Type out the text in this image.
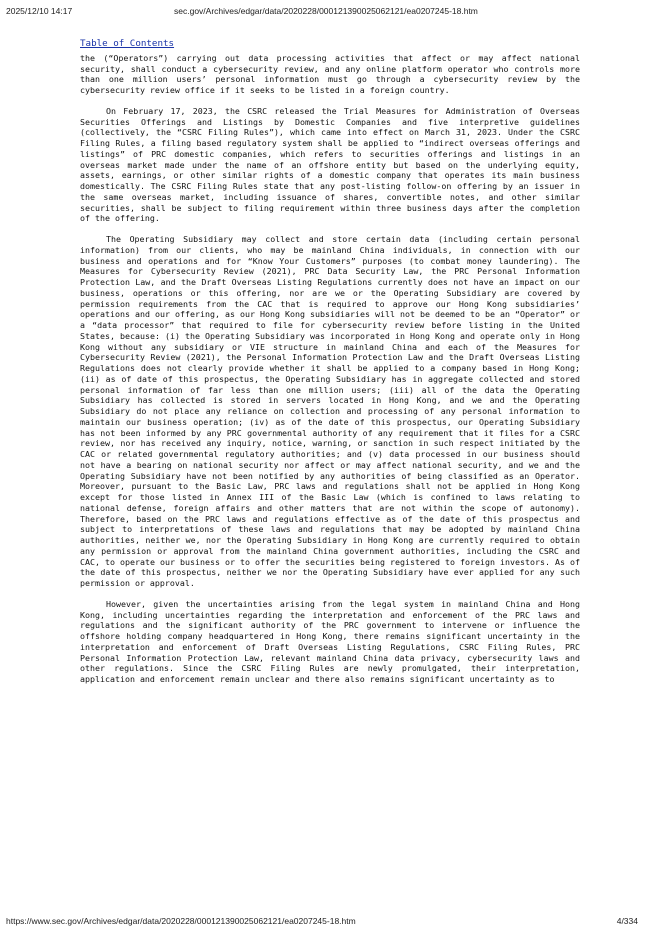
2025/12/10 14:17	sec.gov/Archives/edgar/data/2020228/000121390025062121/ea0207245-18.htm
Table of Contents

the (“Operators”) carrying out data processing activities that affect or may affect national security, shall conduct a cybersecurity review, and any online platform operator who controls more than one million users’ personal information must go through a cybersecurity review by the cybersecurity review office if it seeks to be listed in a foreign country.

On February 17, 2023, the CSRC released the Trial Measures for Administration of Overseas Securities Offerings and Listings by Domestic Companies and five interpretive guidelines (collectively, the “CSRC Filing Rules”), which came into effect on March 31, 2023. Under the CSRC Filing Rules, a filing based regulatory system shall be applied to “indirect overseas offerings and listings” of PRC domestic companies, which refers to securities offerings and listings in an overseas market made under the name of an offshore entity but based on the underlying equity, assets, earnings, or other similar rights of a domestic company that operates its main business domestically. The CSRC Filing Rules state that any post-listing follow-on offering by an issuer in the same overseas market, including issuance of shares, convertible notes, and other similar securities, shall be subject to filing requirement within three business days after the completion of the offering.

The Operating Subsidiary may collect and store certain data (including certain personal information) from our clients, who may be mainland China individuals, in connection with our business and operations and for “Know Your Customers” purposes (to combat money laundering). The Measures for Cybersecurity Review (2021), PRC Data Security Law, the PRC Personal Information Protection Law, and the Draft Overseas Listing Regulations currently does not have an impact on our business, operations or this offering, nor are we or the Operating Subsidiary are covered by permission requirements from the CAC that is required to approve our Hong Kong subsidiaries’ operations and our offering, as our Hong Kong subsidiaries will not be deemed to be an “Operator” or a “data processor” that required to file for cybersecurity review before listing in the United States, because: (i) the Operating Subsidiary was incorporated in Hong Kong and operate only in Hong Kong without any subsidiary or VIE structure in mainland China and each of the Measures for Cybersecurity Review (2021), the Personal Information Protection Law and the Draft Overseas Listing Regulations does not clearly provide whether it shall be applied to a company based in Hong Kong; (ii) as of date of this prospectus, the Operating Subsidiary has in aggregate collected and stored personal information of far less than one million users; (iii) all of the data the Operating Subsidiary has collected is stored in servers located in Hong Kong, and we and the Operating Subsidiary do not place any reliance on collection and processing of any personal information to maintain our business operation; (iv) as of the date of this prospectus, our Operating Subsidiary has not been informed by any PRC governmental authority of any requirement that it files for a CSRC review, nor has received any inquiry, notice, warning, or sanction in such respect initiated by the CAC or related governmental regulatory authorities; and (v) data processed in our business should not have a bearing on national security nor affect or may affect national security, and we and the Operating Subsidiary have not been notified by any authorities of being classified as an Operator. Moreover, pursuant to the Basic Law, PRC laws and regulations shall not be applied in Hong Kong except for those listed in Annex III of the Basic Law (which is confined to laws relating to national defense, foreign affairs and other matters that are not within the scope of autonomy). Therefore, based on the PRC laws and regulations effective as of the date of this prospectus and subject to interpretations of these laws and regulations that may be adopted by mainland China authorities, neither we, nor the Operating Subsidiary in Hong Kong are currently required to obtain any permission or approval from the mainland China government authorities, including the CSRC and CAC, to operate our business or to offer the securities being registered to foreign investors. As of the date of this prospectus, neither we nor the Operating Subsidiary have ever applied for any such permission or approval.

However, given the uncertainties arising from the legal system in mainland China and Hong Kong, including uncertainties regarding the interpretation and enforcement of the PRC laws and regulations and the significant authority of the PRC government to intervene or influence the offshore holding company headquartered in Hong Kong, there remains significant uncertainty in the interpretation and enforcement of Draft Overseas Listing Regulations, CSRC Filing Rules, PRC Personal Information Protection Law, relevant mainland China data privacy, cybersecurity laws and other regulations. Since the CSRC Filing Rules are newly promulgated, their interpretation, application and enforcement remain unclear and there also remains significant uncertainty as to

https://www.sec.gov/Archives/edgar/data/2020228/000121390025062121/ea0207245-18.htm	4/334
